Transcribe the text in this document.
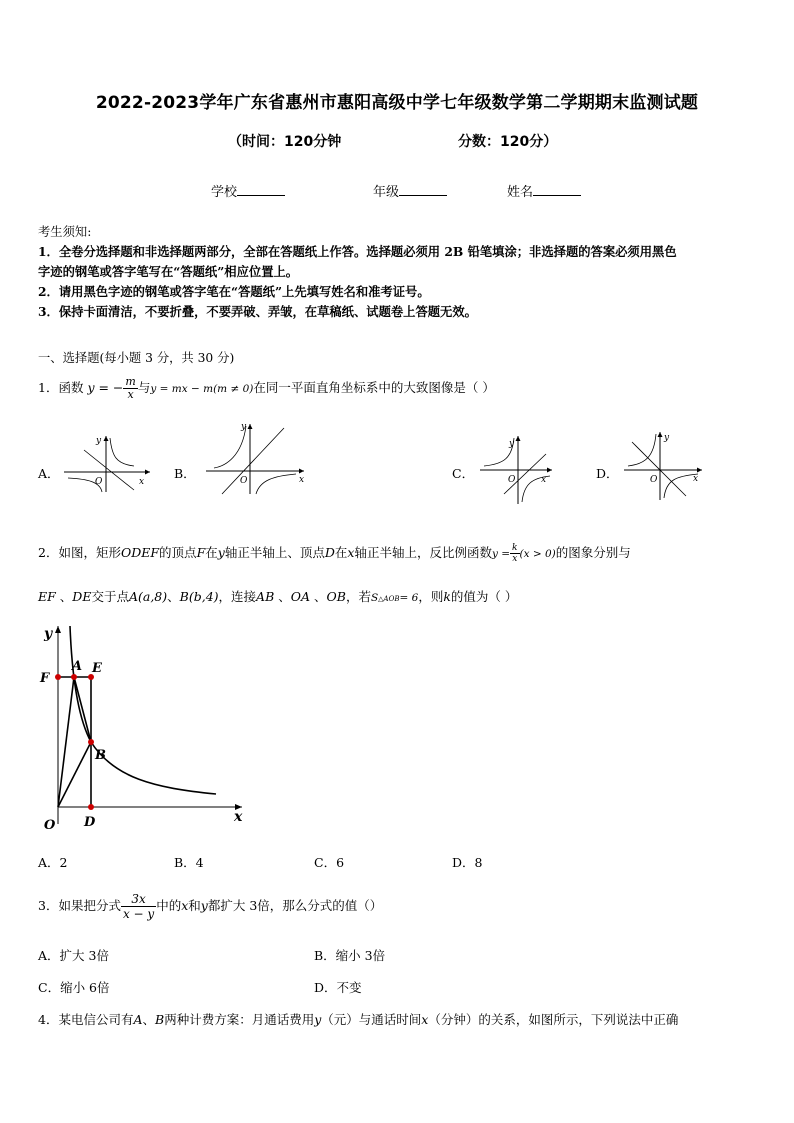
2022-2023学年广东省惠州市惠阳高级中学七年级数学第二学期期末监测试题
（时间：120分钟	分数：120分）
学校	年级	姓名
考生须知:
1．全卷分选择题和非选择题两部分，全部在答题纸上作答。选择题必须用 2B 铅笔填涂；非选择题的答案必须用黑色
字迹的钢笔或答字笔写在“答题纸”相应位置上。
2．请用黑色字迹的钢笔或答字笔在“答题纸”上先填写姓名和准考证号。
3．保持卡面清洁，不要折叠，不要弄破、弄皱，在草稿纸、试题卷上答题无效。
一、选择题(每小题 3 分，共 30 分)
1．函数 y = − $\frac{m}{x}$ 与y = mx − m(m ≠ 0)在同一平面直角坐标系中的大致图像是（ ）
A．	B．	C．	D．
y
x
O
y
x
O
y
x
O
y
x
O
2．如图，矩形ODEF的顶点F在y轴正半轴上、顶点D在x轴正半轴上，反比例函数$y = \frac{k}{x} (x > 0)$的图象分别与
EF 、DE交于点A(a,8)、B(b,4)，连接AB 、OA 、OB，若S△AOB= 6，则k的值为（ ）
y
x
A E
F
B
O D
A．2	B．4	C．6	D．8
3．如果把分式 $\frac{3x}{x - y}$ 中的x和y都扩大 3倍，那么分式的值（）
A．扩大 3倍	B．缩小 3倍
C．缩小 6倍	D．不变
4．某电信公司有A、B两种计费方案：月通话费用y（元）与通话时间x（分钟）的关系，如图所示，下列说法中正确
